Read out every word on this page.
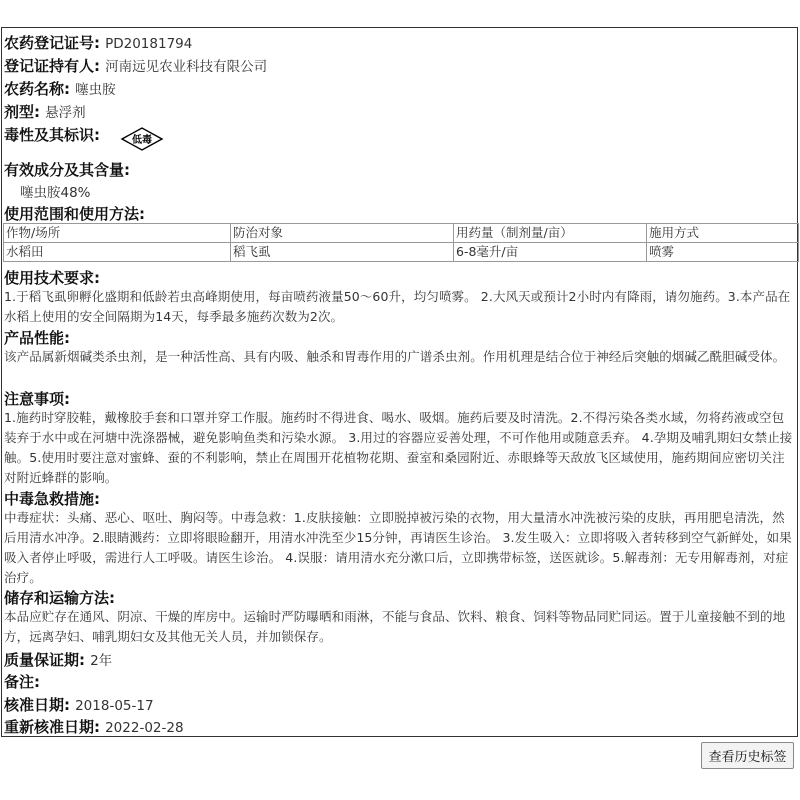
农药登记证号: PD20181794
登记证持有人: 河南远见农业科技有限公司
农药名称: 噻虫胺
剂型: 悬浮剂
毒性及其标识:	低毒
有效成分及其含量:
噻虫胺48%
使用范围和使用方法:
作物/场所	防治对象	用药量（制剂量/亩）	施用方式
水稻田	稻飞虱	6-8毫升/亩	喷雾
使用技术要求:
1.于稻飞虱卵孵化盛期和低龄若虫高峰期使用，每亩喷药液量50～60升，均匀喷雾。 2.大风天或预计2小时内有降雨，请勿施药。3.本产品在水稻上使用的安全间隔期为14天，每季最多施药次数为2次。
产品性能:
该产品属新烟碱类杀虫剂，是一种活性高、具有内吸、触杀和胃毒作用的广谱杀虫剂。作用机理是结合位于神经后突触的烟碱乙酰胆碱受体。
注意事项:
1.施药时穿胶鞋，戴橡胶手套和口罩并穿工作服。施药时不得进食、喝水、吸烟。施药后要及时清洗。2.不得污染各类水域，勿将药液或空包装弃于水中或在河塘中洗涤器械，避免影响鱼类和污染水源。 3.用过的容器应妥善处理，不可作他用或随意丢弃。 4.孕期及哺乳期妇女禁止接触。5.使用时要注意对蜜蜂、蚕的不利影响，禁止在周围开花植物花期、蚕室和桑园附近、赤眼蜂等天敌放飞区域使用，施药期间应密切关注对附近蜂群的影响。
中毒急救措施:
中毒症状：头痛、恶心、呕吐、胸闷等。中毒急救：1.皮肤接触：立即脱掉被污染的衣物，用大量清水冲洗被污染的皮肤，再用肥皂清洗，然后用清水冲净。2.眼睛溅药：立即将眼睑翻开，用清水冲洗至少15分钟，再请医生诊治。 3.发生吸入：立即将吸入者转移到空气新鲜处，如果吸入者停止呼吸，需进行人工呼吸。请医生诊治。 4.误服：请用清水充分漱口后，立即携带标签，送医就诊。5.解毒剂：无专用解毒剂，对症治疗。
储存和运输方法:
本品应贮存在通风、阴凉、干燥的库房中。运输时严防曝晒和雨淋，不能与食品、饮料、粮食、饲料等物品同贮同运。置于儿童接触不到的地方，远离孕妇、哺乳期妇女及其他无关人员，并加锁保存。
质量保证期: 2年
备注:
核准日期: 2018-05-17
重新核准日期: 2022-02-28
查看历史标签
